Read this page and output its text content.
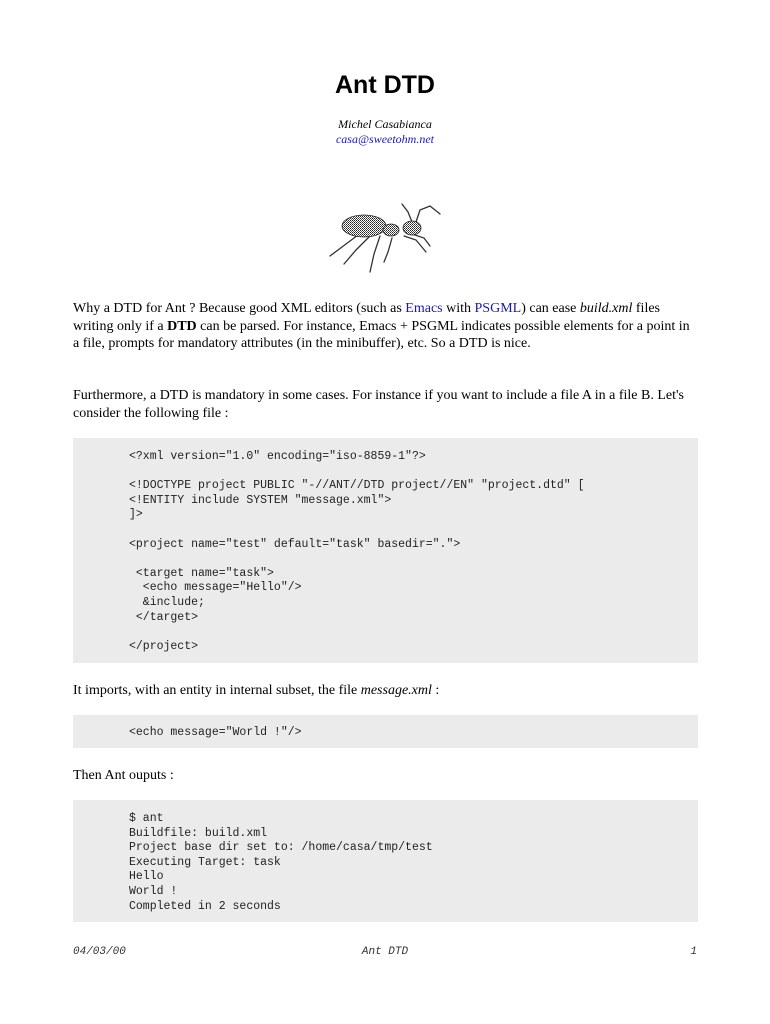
Ant DTD
Michel Casabianca
casa@sweetohm.net

Why a DTD for Ant ? Because good XML editors (such as Emacs with PSGML) can ease build.xml files writing only if a DTD can be parsed. For instance, Emacs + PSGML indicates possible elements for a point in a file, prompts for mandatory attributes (in the minibuffer), etc. So a DTD is nice.

Furthermore, a DTD is mandatory in some cases. For instance if you want to include a file A in a file B. Let's consider the following file :

<?xml version="1.0" encoding="iso-8859-1"?>

<!DOCTYPE project PUBLIC "-//ANT//DTD project//EN" "project.dtd" [
<!ENTITY include SYSTEM "message.xml">
]>

<project name="test" default="task" basedir=".">

<target name="task">
<echo message="Hello"/>
&include;
</target>

</project>

It imports, with an entity in internal subset, the file message.xml :

<echo message="World !"/>

Then Ant ouputs :

$ ant
Buildfile: build.xml
Project base dir set to: /home/casa/tmp/test
Executing Target: task
Hello
World !
Completed in 2 seconds
04/03/00	Ant DTD	1
